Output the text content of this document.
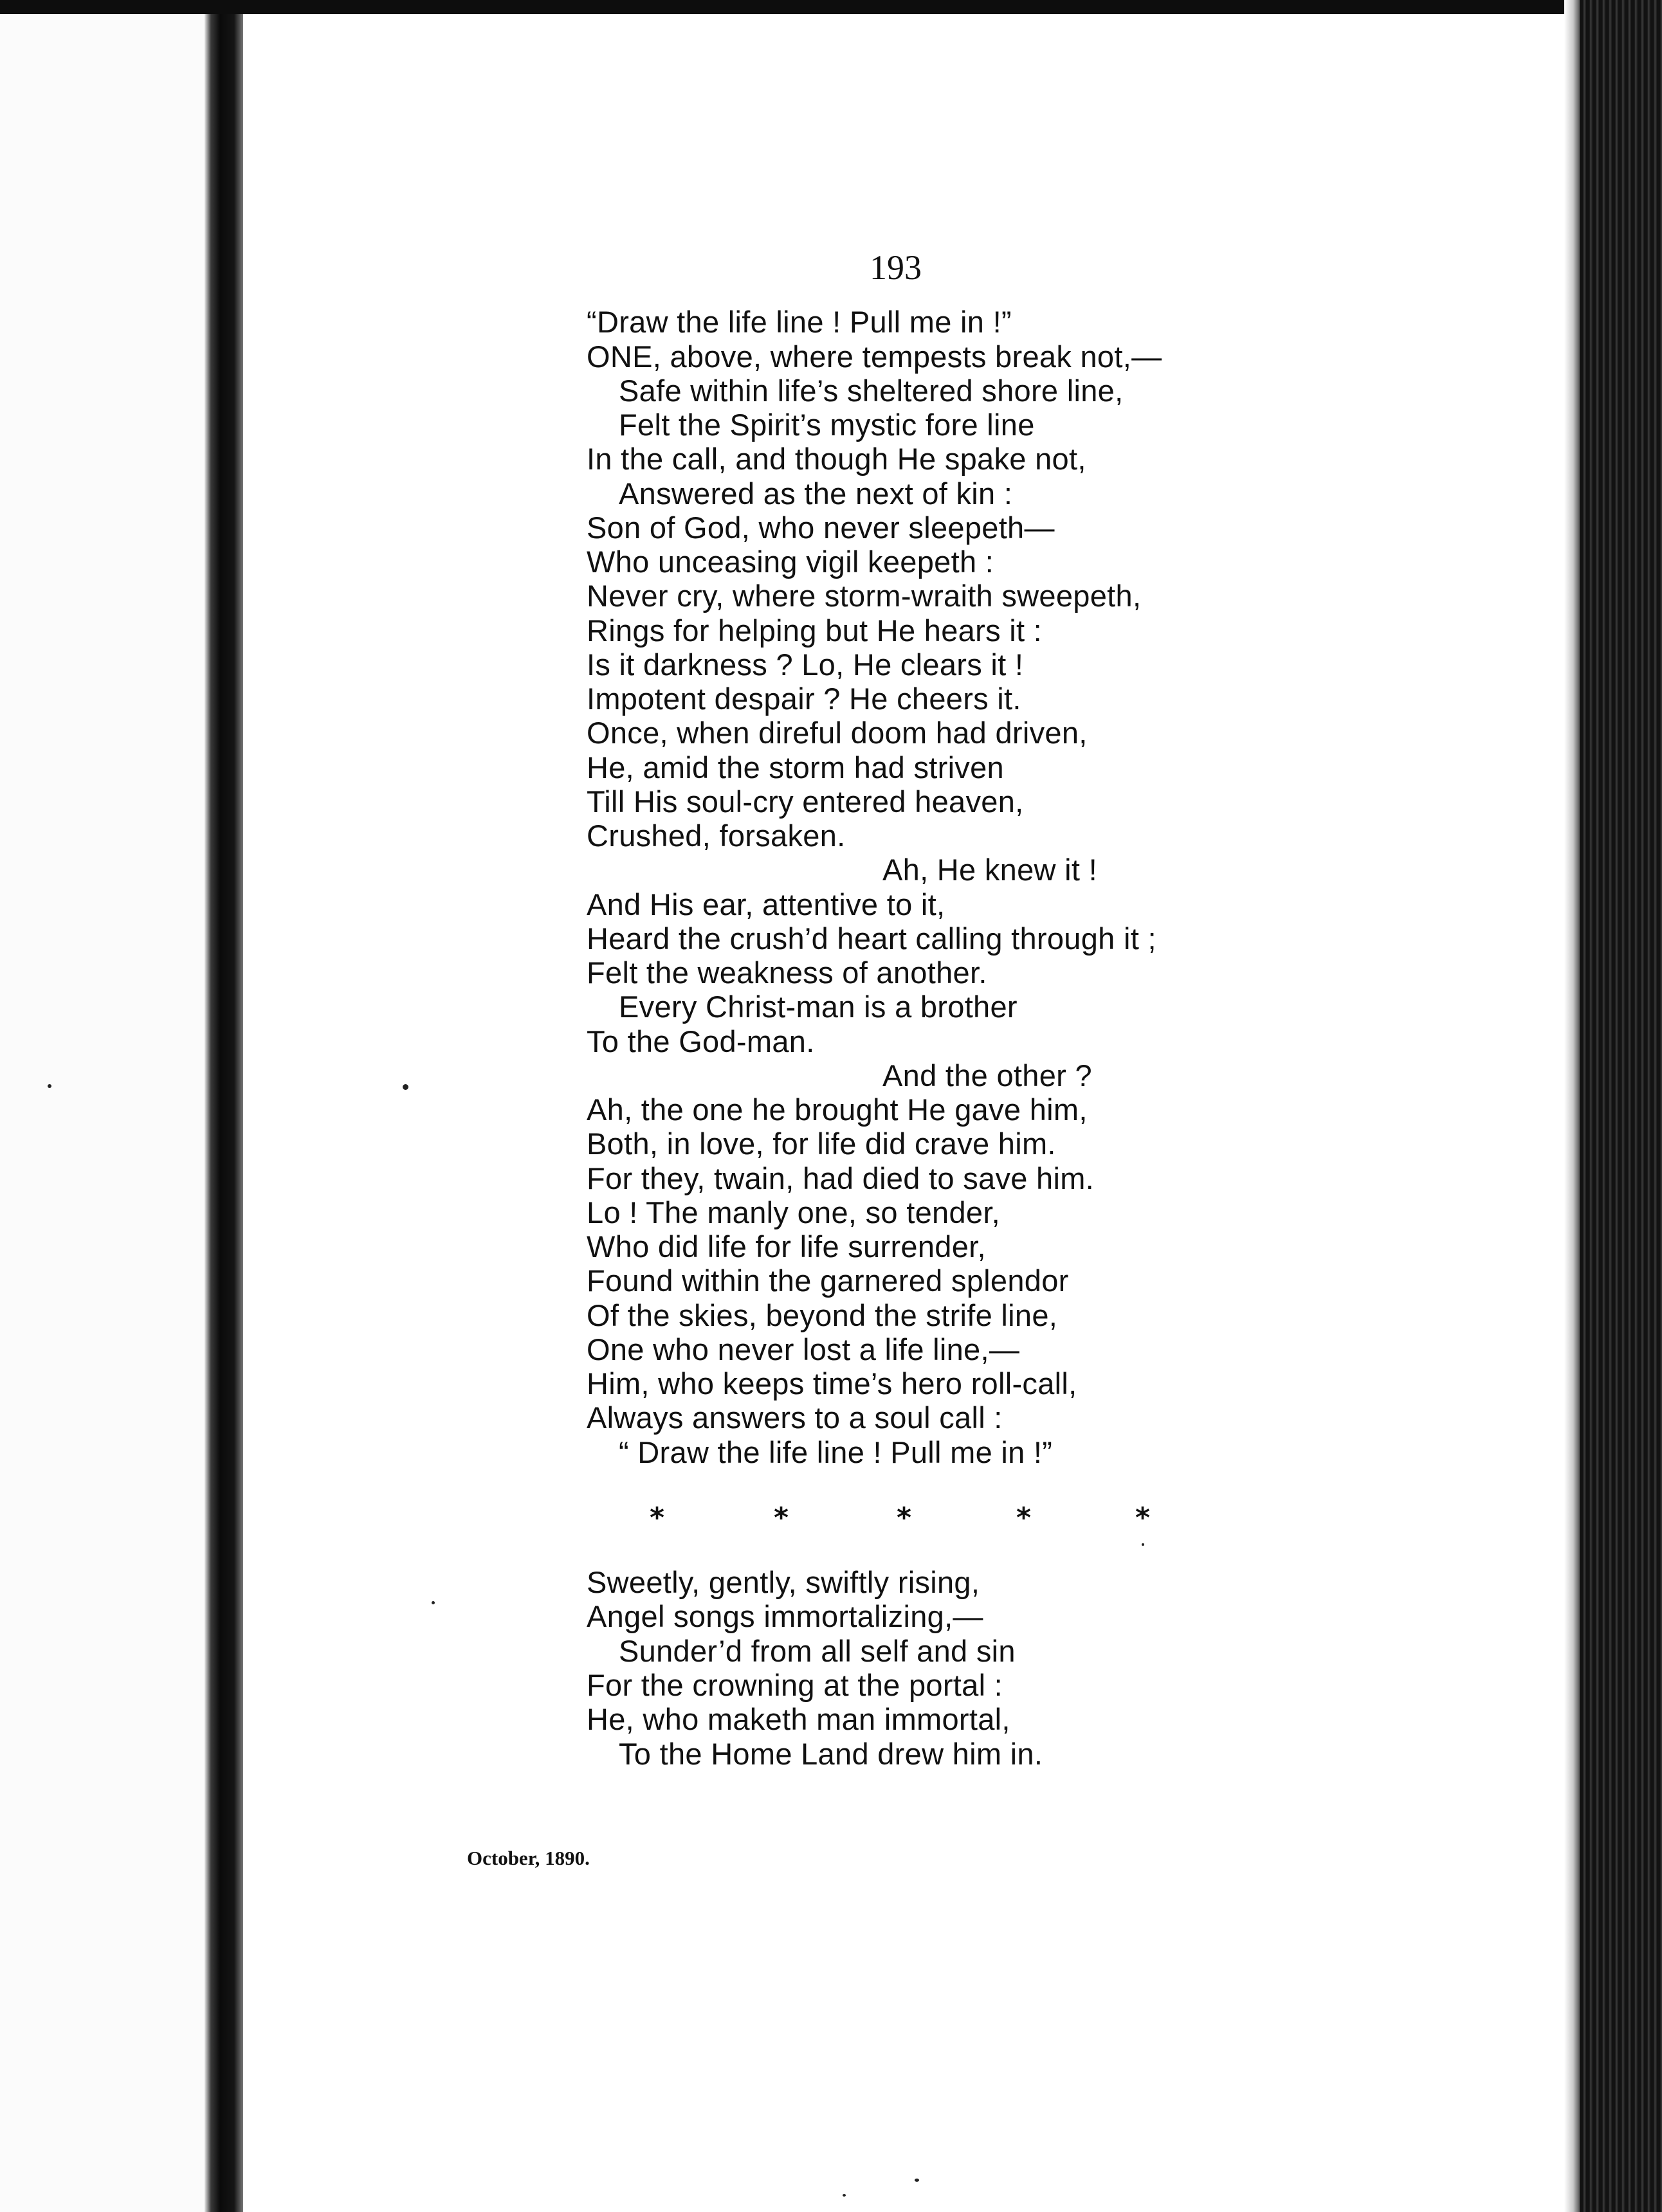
193
“Draw the life line ! Pull me in !”
ONE, above, where tempests break not,—
Safe within life’s sheltered shore line,
Felt the Spirit’s mystic fore line
In the call, and though He spake not,
Answered as the next of kin :
Son of God, who never sleepeth—
Who unceasing vigil keepeth :
Never cry, where storm-wraith sweepeth,
Rings for helping but He hears it :
Is it darkness ? Lo, He clears it !
Impotent despair ? He cheers it.
Once, when direful doom had driven,
He, amid the storm had striven
Till His soul-cry entered heaven,
Crushed, forsaken.
Ah, He knew it !
And His ear, attentive to it,
Heard the crush’d heart calling through it ;
Felt the weakness of another.
Every Christ-man is a brother
To the God-man.
And the other ?
Ah, the one he brought He gave him,
Both, in love, for life did crave him.
For they, twain, had died to save him.
Lo ! The manly one, so tender,
Who did life for life surrender,
Found within the garnered splendor
Of the skies, beyond the strife line,
One who never lost a life line,—
Him, who keeps time’s hero roll-call,
Always answers to a soul call :
“ Draw the life line ! Pull me in !”
*	*	*	*	*
Sweetly, gently, swiftly rising,
Angel songs immortalizing,—
Sunder’d from all self and sin
For the crowning at the portal :
He, who maketh man immortal,
To the Home Land drew him in.
October, 1890.
